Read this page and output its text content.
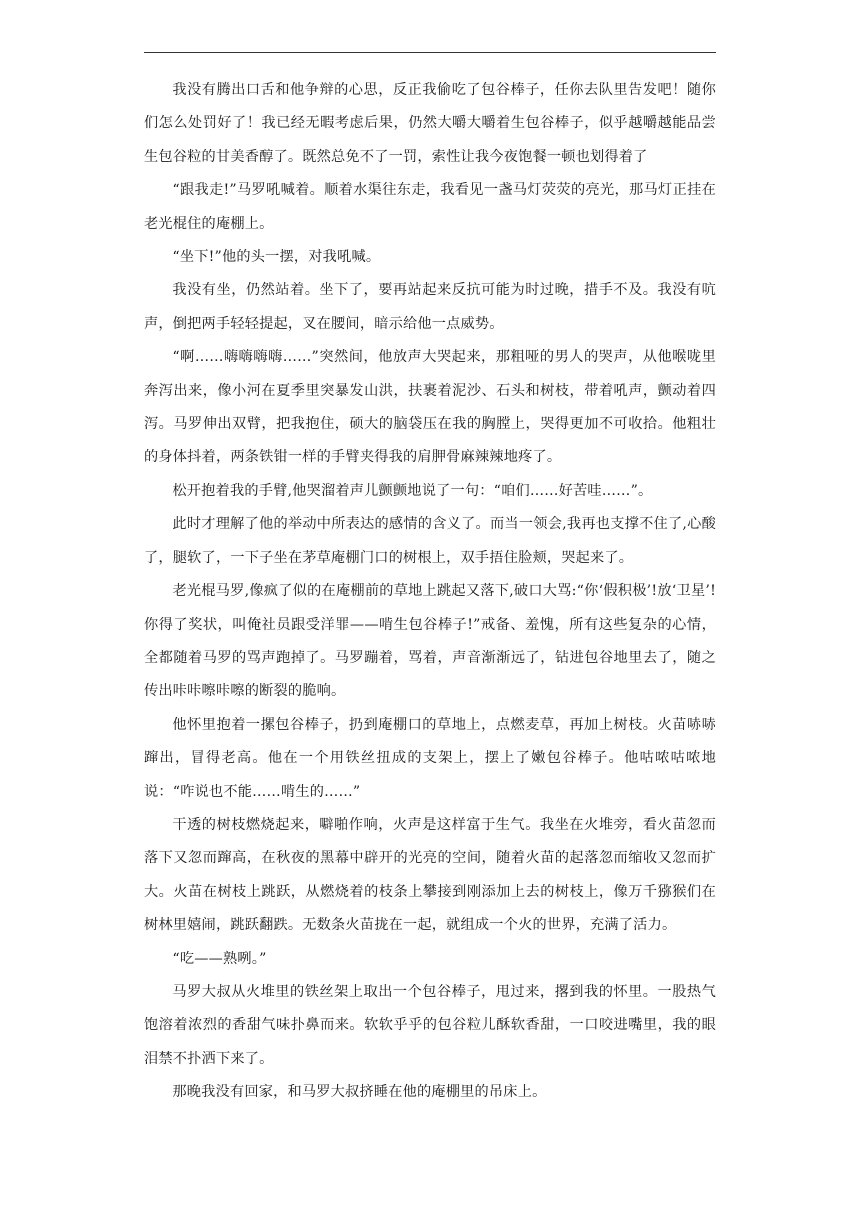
我没有腾出口舌和他争辩的心思，反正我偷吃了包谷棒子，任你去队里告发吧！随你们怎么处罚好了！我已经无暇考虑后果，仍然大嚼大嚼着生包谷棒子，似乎越嚼越能品尝生包谷粒的甘美香醇了。既然总免不了一罚，索性让我今夜饱餐一顿也划得着了

“跟我走!”马罗吼喊着。顺着水渠往东走，我看见一盏马灯荧荧的亮光，那马灯正挂在老光棍住的庵棚上。

“坐下!”他的头一摆，对我吼喊。

我没有坐，仍然站着。坐下了，要再站起来反抗可能为时过晚，措手不及。我没有吭声，倒把两手轻轻提起，叉在腰间，暗示给他一点威势。

“啊……嗨嗨嗨嗨……”突然间，他放声大哭起来，那粗哑的男人的哭声，从他喉咙里奔泻出来，像小河在夏季里突暴发山洪，扶裹着泥沙、石头和树枝，带着吼声，颤动着四泻。马罗伸出双臂，把我抱住，硕大的脑袋压在我的胸膛上，哭得更加不可收拾。他粗壮的身体抖着，两条铁钳一样的手臂夹得我的肩胛骨麻辣辣地疼了。

松开抱着我的手臂,他哭溜着声儿颤颤地说了一句：“咱们……好苦哇……”。

此时才理解了他的举动中所表达的感情的含义了。而当一领会,我再也支撑不住了,心酸了，腿软了，一下子坐在茅草庵棚门口的树根上，双手捂住脸颊，哭起来了。

老光棍马罗,像疯了似的在庵棚前的草地上跳起又落下,破口大骂:“你‘假积极’!放‘卫星’!你得了奖状，叫俺社员跟受洋罪——啃生包谷棒子!”戒备、羞愧，所有这些复杂的心情，全都随着马罗的骂声跑掉了。马罗蹦着，骂着，声音渐渐远了，钻进包谷地里去了，随之传出咔咔嚓咔嚓的断裂的脆响。

他怀里抱着一摞包谷棒子，扔到庵棚口的草地上，点燃麦草，再加上树枝。火苗哧哧蹿出，冒得老高。他在一个用铁丝扭成的支架上，摆上了嫩包谷棒子。他咕哝咕哝地说：“咋说也不能……啃生的……”

干透的树枝燃烧起来，噼啪作响，火声是这样富于生气。我坐在火堆旁，看火苗忽而落下又忽而蹿高，在秋夜的黑幕中辟开的光亮的空间，随着火苗的起落忽而缩收又忽而扩大。火苗在树枝上跳跃，从燃烧着的枝条上攀接到刚添加上去的树枝上，像万千猕猴们在树林里嬉闹，跳跃翻跌。无数条火苗拢在一起，就组成一个火的世界，充满了活力。

“吃——熟咧。”

马罗大叔从火堆里的铁丝架上取出一个包谷棒子，甩过来，撂到我的怀里。一股热气饱溶着浓烈的香甜气味扑鼻而来。软软乎乎的包谷粒儿酥软香甜，一口咬进嘴里，我的眼泪禁不扑洒下来了。

那晚我没有回家，和马罗大叔挤睡在他的庵棚里的吊床上。
